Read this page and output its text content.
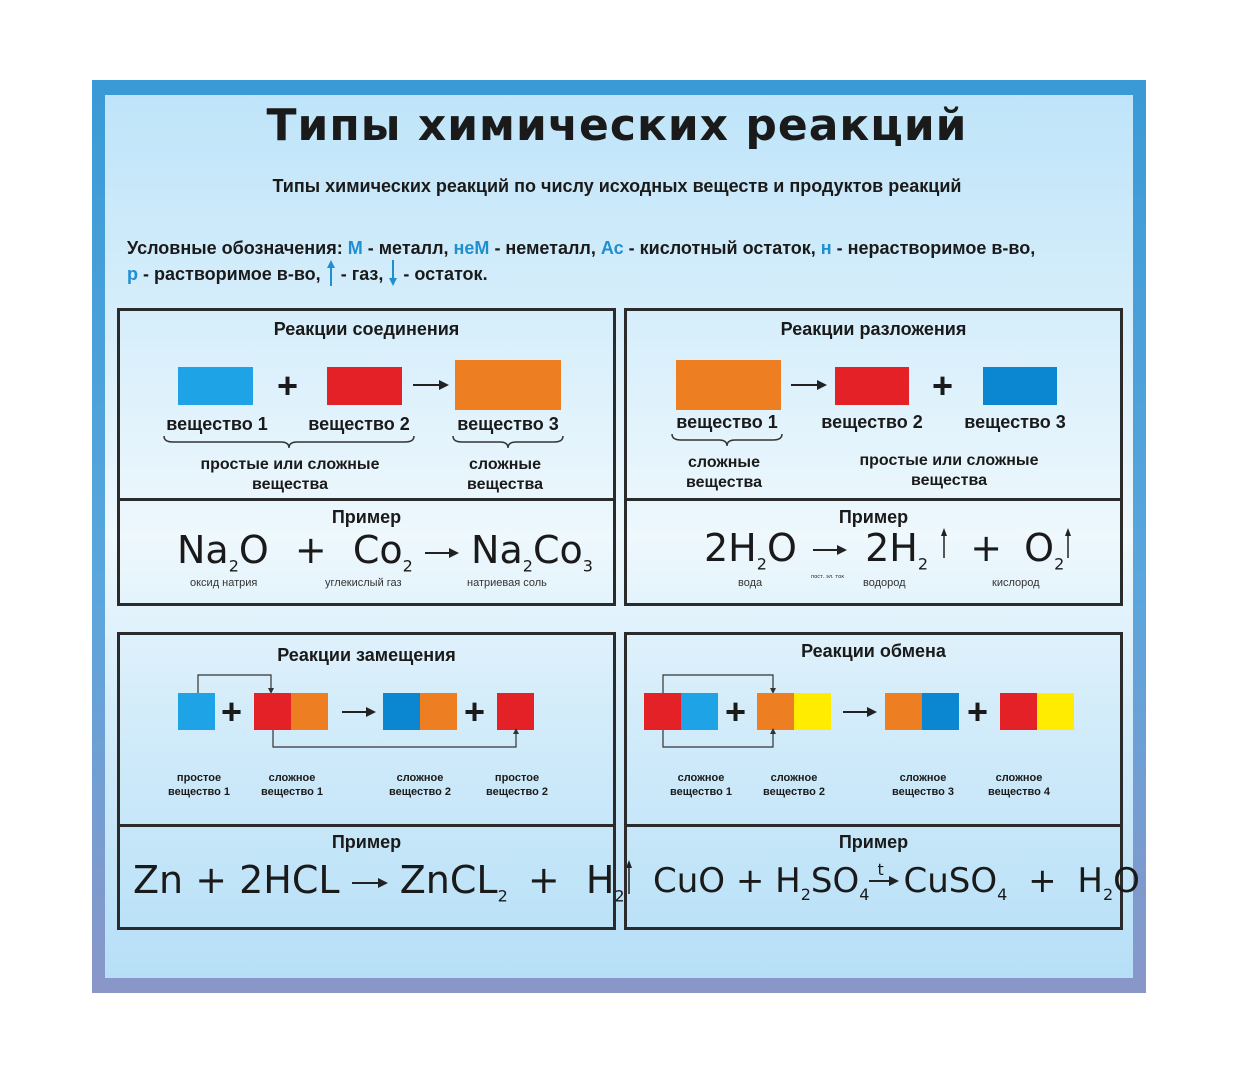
Типы химических реакций
Типы химических реакций по числу исходных веществ и продуктов реакций
Условные обозначения: М - металл, неМ - неметалл, Ас - кислотный остаток, н - нерастворимое в-во,
р - растворимое в-во,  - газ,  - остаток.
Реакции соединения
Пример
+
вещество 1	вещество 2	вещество 3
простые или сложные вещества
сложные вещества
$Na_2O + Co_2 \to Na_2Co_3$
оксид натрия	углекислый газ	натриевая соль
Реакции разложения
Пример
+
вещество 1	вещество 2	вещество 3
сложные вещества
простые или сложные вещества
$2H_2O$
пост. эл. ток
$2H_2 + O_2$
вода	водород	кислород
Реакции замещения
Пример
+	+
простое вещество 1
сложное вещество 1
сложное вещество 2
простое вещество 2
Zn + 2HCL → ZnCL$_2$ + $H_2$
Реакции обмена
Пример
+	+
сложное вещество 1
сложное вещество 2
сложное вещество 3
сложное вещество 4
CuO + $H_2SO_4$
t CuSO$_4$ + $H_2O$
